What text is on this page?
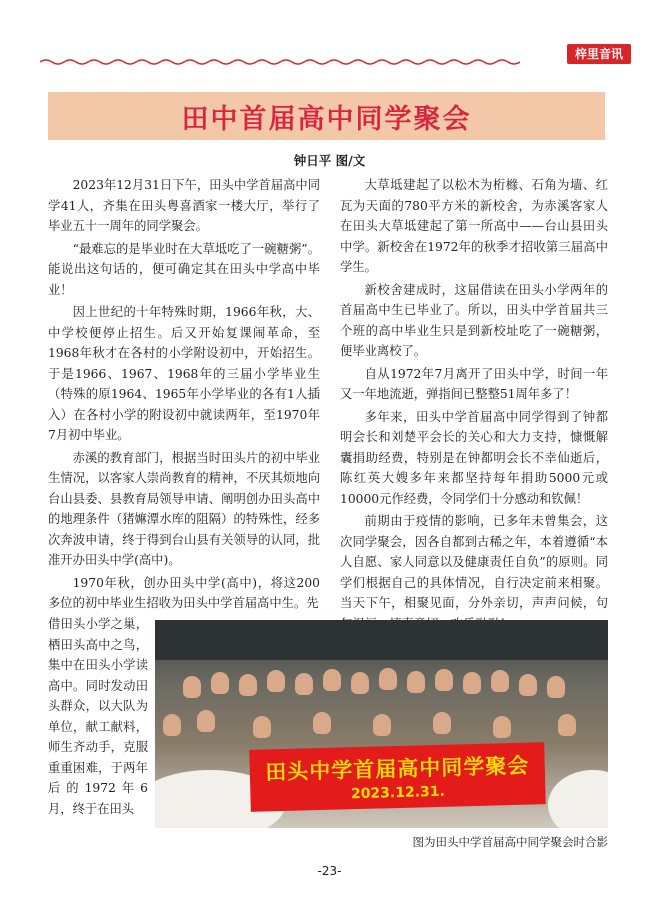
梓里音讯
田中首届高中同学聚会
钟日平 图/文

2023年12月31日下午，田头中学首届高中同学41人，齐集在田头粤喜酒家一楼大厅，举行了毕业五十一周年的同学聚会。

“最难忘的是毕业时在大草坻吃了一碗糖粥”。能说出这句话的，便可确定其在田头中学高中毕业！

因上世纪的十年特殊时期，1966年秋，大、中学校便停止招生。后又开始复课闹革命，至1968年秋才在各村的小学附设初中，开始招生。于是1966、1967、1968年的三届小学毕业生（特殊的原1964、1965年小学毕业的各有1人插入）在各村小学的附设初中就读两年，至1970年7月初中毕业。

赤溪的教育部门，根据当时田头片的初中毕业生情况，以客家人崇尚教育的精神，不厌其烦地向台山县委、县教育局领导申请、阐明创办田头高中的地理条件（猪嫲潭水库的阻隔）的特殊性，经多次奔波申请，终于得到台山县有关领导的认同，批准开办田头中学(高中)。

1970年秋，创办田头中学(高中)，将这200多位的初中毕业生招收为田头中学首届高中生。先

借田头小学之巢，栖田头高中之鸟，集中在田头小学读高中。同时发动田头群众，以大队为单位，献工献料，师生齐动手，克服重重困难，于两年后的1972年6月，终于在田头

大草坻建起了以松木为桁橼、石角为墙、红瓦为天面的780平方米的新校舍，为赤溪客家人在田头大草坻建起了第一所高中——台山县田头中学。新校舍在1972年的秋季才招收第三届高中学生。

新校舍建成时，这届借读在田头小学两年的首届高中生已毕业了。所以，田头中学首届共三个班的高中毕业生只是到新校址吃了一碗糖粥，便毕业离校了。

自从1972年7月离开了田头中学，时间一年又一年地流逝，弹指间已整整51周年多了！

多年来，田头中学首届高中同学得到了钟都明会长和刘楚平会长的关心和大力支持，慷慨解囊捐助经费，特别是在钟都明会长不幸仙逝后，陈红英大嫂多年来都坚持每年捐助5000元或10000元作经费，令同学们十分感动和钦佩！

前期由于疫情的影响，已多年未曾集会，这次同学聚会，因各自都到古稀之年，本着遵循“本人自愿、家人同意以及健康责任自负”的原则。同学们根据自己的具体情况，自行决定前来相聚。当天下午，相聚见面，分外亲切，声声问候，句

田头中学首届高中同学聚会
2023.12.31.
图为田头中学首届高中同学聚会时合影
-23-
